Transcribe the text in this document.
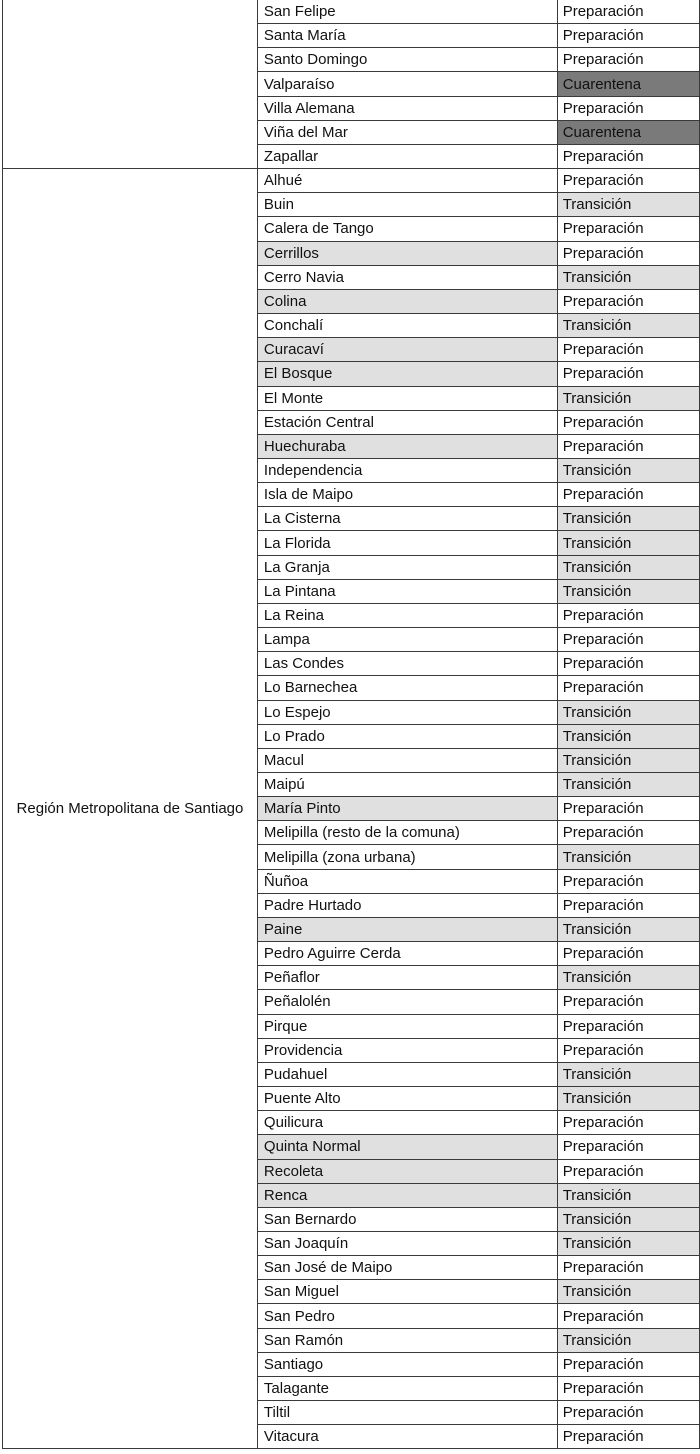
	San Felipe	Preparación
	Santa María	Preparación
	Santo Domingo	Preparación
	Valparaíso	Cuarentena
	Villa Alemana	Preparación
	Viña del Mar	Cuarentena
	Zapallar	Preparación
Región Metropolitana de Santiago	Alhué	Preparación
	Buin	Transición
	Calera de Tango	Preparación
	Cerrillos	Preparación
	Cerro Navia	Transición
	Colina	Preparación
	Conchalí	Transición
	Curacaví	Preparación
	El Bosque	Preparación
	El Monte	Transición
	Estación Central	Preparación
	Huechuraba	Preparación
	Independencia	Transición
	Isla de Maipo	Preparación
	La Cisterna	Transición
	La Florida	Transición
	La Granja	Transición
	La Pintana	Transición
	La Reina	Preparación
	Lampa	Preparación
	Las Condes	Preparación
	Lo Barnechea	Preparación
	Lo Espejo	Transición
	Lo Prado	Transición
	Macul	Transición
	Maipú	Transición
	María Pinto	Preparación
	Melipilla (resto de la comuna)	Preparación
	Melipilla (zona urbana)	Transición
	Ñuñoa	Preparación
	Padre Hurtado	Preparación
	Paine	Transición
	Pedro Aguirre Cerda	Preparación
	Peñaflor	Transición
	Peñalolén	Preparación
	Pirque	Preparación
	Providencia	Preparación
	Pudahuel	Transición
	Puente Alto	Transición
	Quilicura	Preparación
	Quinta Normal	Preparación
	Recoleta	Preparación
	Renca	Transición
	San Bernardo	Transición
	San Joaquín	Transición
	San José de Maipo	Preparación
	San Miguel	Transición
	San Pedro	Preparación
	San Ramón	Transición
	Santiago	Preparación
	Talagante	Preparación
	Tiltil	Preparación
	Vitacura	Preparación
